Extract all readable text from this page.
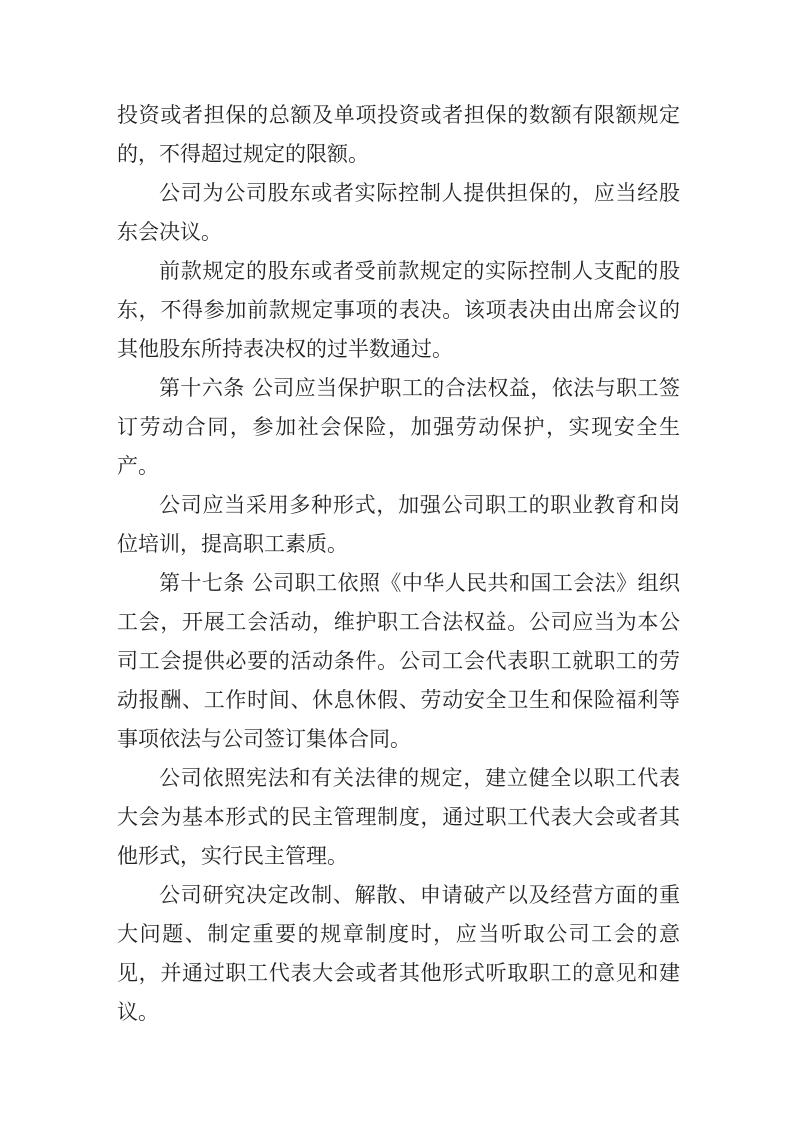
投资或者担保的总额及单项投资或者担保的数额有限额规定的，不得超过规定的限额。

公司为公司股东或者实际控制人提供担保的，应当经股东会决议。

前款规定的股东或者受前款规定的实际控制人支配的股东，不得参加前款规定事项的表决。该项表决由出席会议的其他股东所持表决权的过半数通过。

第十六条 公司应当保护职工的合法权益，依法与职工签订劳动合同，参加社会保险，加强劳动保护，实现安全生产。

公司应当采用多种形式，加强公司职工的职业教育和岗位培训，提高职工素质。

第十七条 公司职工依照《中华人民共和国工会法》组织工会，开展工会活动，维护职工合法权益。公司应当为本公司工会提供必要的活动条件。公司工会代表职工就职工的劳动报酬、工作时间、休息休假、劳动安全卫生和保险福利等事项依法与公司签订集体合同。

公司依照宪法和有关法律的规定，建立健全以职工代表大会为基本形式的民主管理制度，通过职工代表大会或者其他形式，实行民主管理。

公司研究决定改制、解散、申请破产以及经营方面的重大问题、制定重要的规章制度时，应当听取公司工会的意见，并通过职工代表大会或者其他形式听取职工的意见和建议。
